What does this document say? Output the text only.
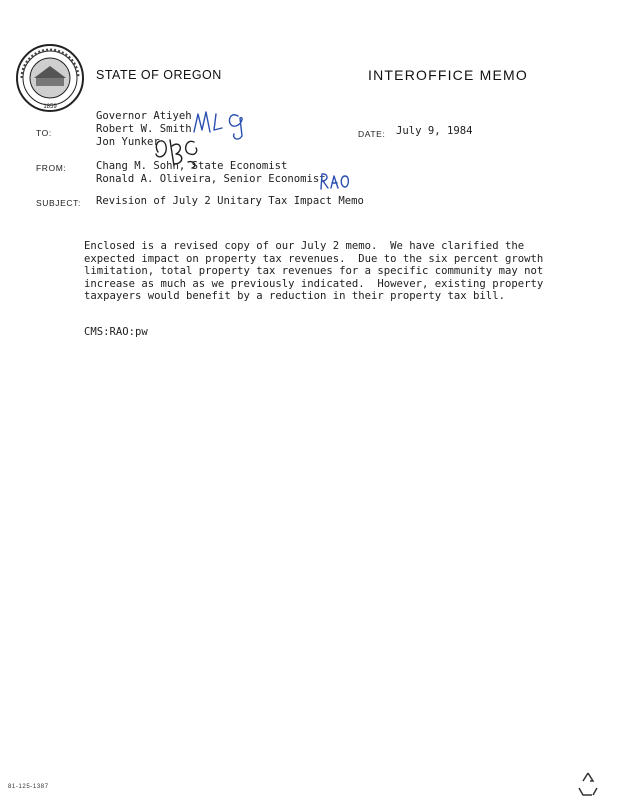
1859
STATE OF OREGON	INTEROFFICE MEMO
TO:
Governor Atiyeh
Robert W. Smith
Jon Yunker
DATE: July 9, 1984
FROM:	Chang M. Sohn, State Economist
Ronald A. Oliveira, Senior Economist
SUBJECT: Revision of July 2 Unitary Tax Impact Memo
Enclosed is a revised copy of our July 2 memo.  We have clarified the
expected impact on property tax revenues.  Due to the six percent growth
limitation, total property tax revenues for a specific community may not
increase as much as we previously indicated.  However, existing property
taxpayers would benefit by a reduction in their property tax bill.
CMS:RAO:pw
81-125-1387
